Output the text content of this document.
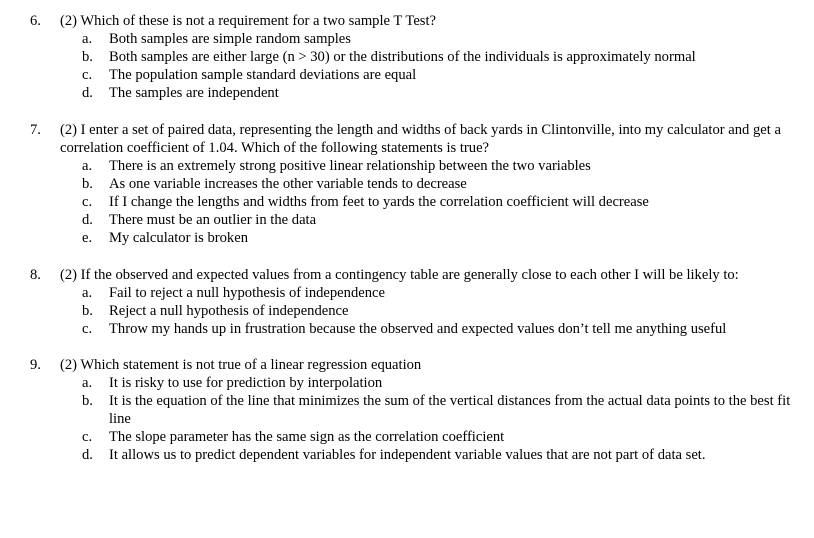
6. (2) Which of these is not a requirement for a two sample T Test?
a. Both samples are simple random samples
b. Both samples are either large (n > 30) or the distributions of the individuals is approximately normal
c. The population sample standard deviations are equal
d. The samples are independent
7. (2) I enter a set of paired data, representing the length and widths of back yards in Clintonville, into my calculator and get a correlation coefficient of 1.04. Which of the following statements is true?
a. There is an extremely strong positive linear relationship between the two variables
b. As one variable increases the other variable tends to decrease
c. If I change the lengths and widths from feet to yards the correlation coefficient will decrease
d. There must be an outlier in the data
e. My calculator is broken
8. (2) If the observed and expected values from a contingency table are generally close to each other I will be likely to:
a. Fail to reject a null hypothesis of independence
b. Reject a null hypothesis of independence
c. Throw my hands up in frustration because the observed and expected values don’t tell me anything useful
9. (2) Which statement is not true of a linear regression equation
a. It is risky to use for prediction by interpolation
b. It is the equation of the line that minimizes the sum of the vertical distances from the actual data points to the best fit line
c. The slope parameter has the same sign as the correlation coefficient
d. It allows us to predict dependent variables for independent variable values that are not part of data set.
